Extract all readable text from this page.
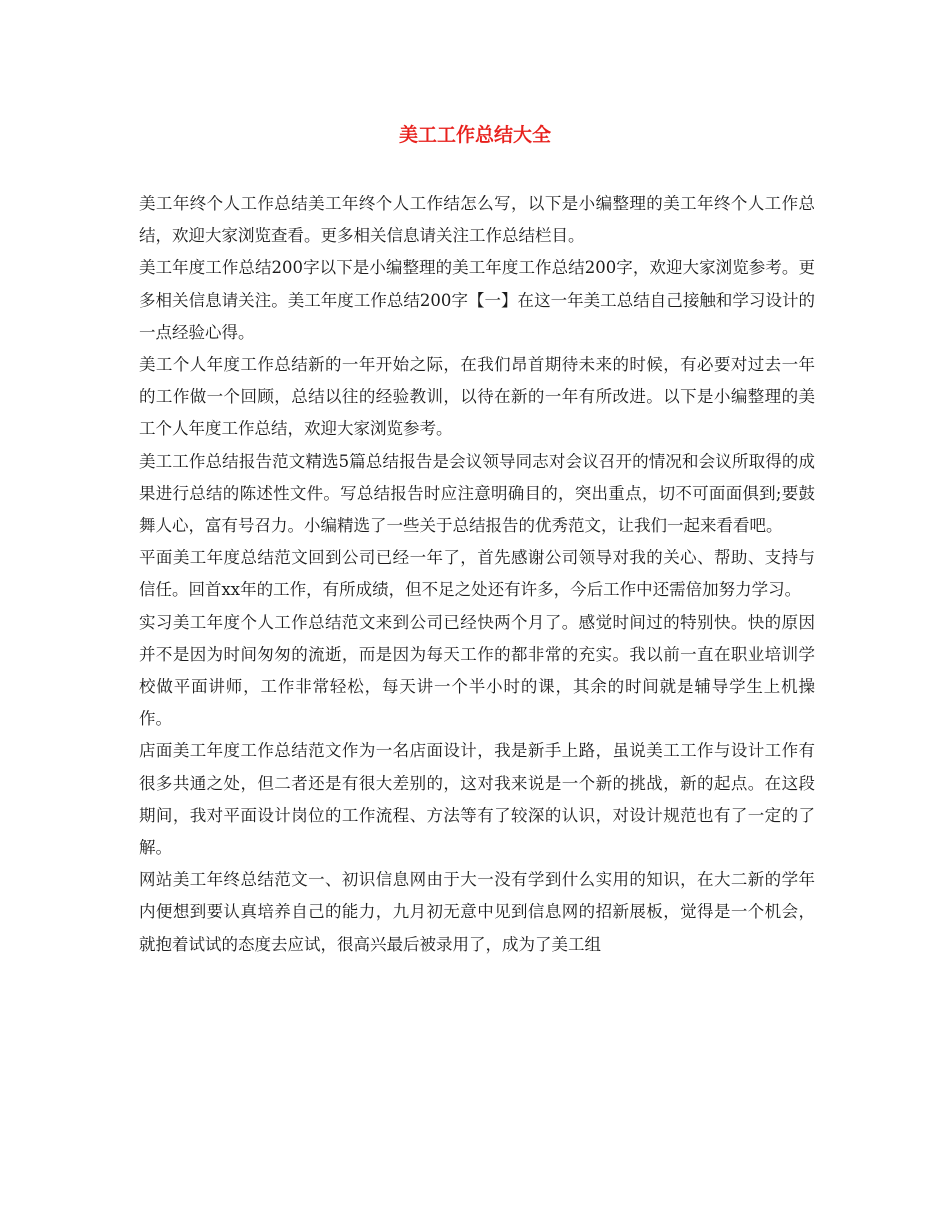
美工工作总结大全

美工年终个人工作总结美工年终个人工作结怎么写，以下是小编整理的美工年终个人工作总结，欢迎大家浏览查看。更多相关信息请关注工作总结栏目。

美工年度工作总结200字以下是小编整理的美工年度工作总结200字，欢迎大家浏览参考。更多相关信息请关注。美工年度工作总结200字【一】在这一年美工总结自己接触和学习设计的一点经验心得。

美工个人年度工作总结新的一年开始之际，在我们昂首期待未来的时候，有必要对过去一年的工作做一个回顾，总结以往的经验教训，以待在新的一年有所改进。以下是小编整理的美工个人年度工作总结，欢迎大家浏览参考。

美工工作总结报告范文精选5篇总结报告是会议领导同志对会议召开的情况和会议所取得的成果进行总结的陈述性文件。写总结报告时应注意明确目的，突出重点，切不可面面俱到;要鼓舞人心，富有号召力。小编精选了一些关于总结报告的优秀范文，让我们一起来看看吧。

平面美工年度总结范文回到公司已经一年了，首先感谢公司领导对我的关心、帮助、支持与信任。回首xx年的工作，有所成绩，但不足之处还有许多，今后工作中还需倍加努力学习。

实习美工年度个人工作总结范文来到公司已经快两个月了。感觉时间过的特别快。快的原因并不是因为时间匆匆的流逝，而是因为每天工作的都非常的充实。我以前一直在职业培训学校做平面讲师，工作非常轻松，每天讲一个半小时的课，其余的时间就是辅导学生上机操作。

店面美工年度工作总结范文作为一名店面设计，我是新手上路，虽说美工工作与设计工作有很多共通之处，但二者还是有很大差别的，这对我来说是一个新的挑战，新的起点。在这段期间，我对平面设计岗位的工作流程、方法等有了较深的认识，对设计规范也有了一定的了解。

网站美工年终总结范文一、初识信息网由于大一没有学到什么实用的知识，在大二新的学年内便想到要认真培养自己的能力，九月初无意中见到信息网的招新展板，觉得是一个机会，就抱着试试的态度去应试，很高兴最后被录用了，成为了美工组
